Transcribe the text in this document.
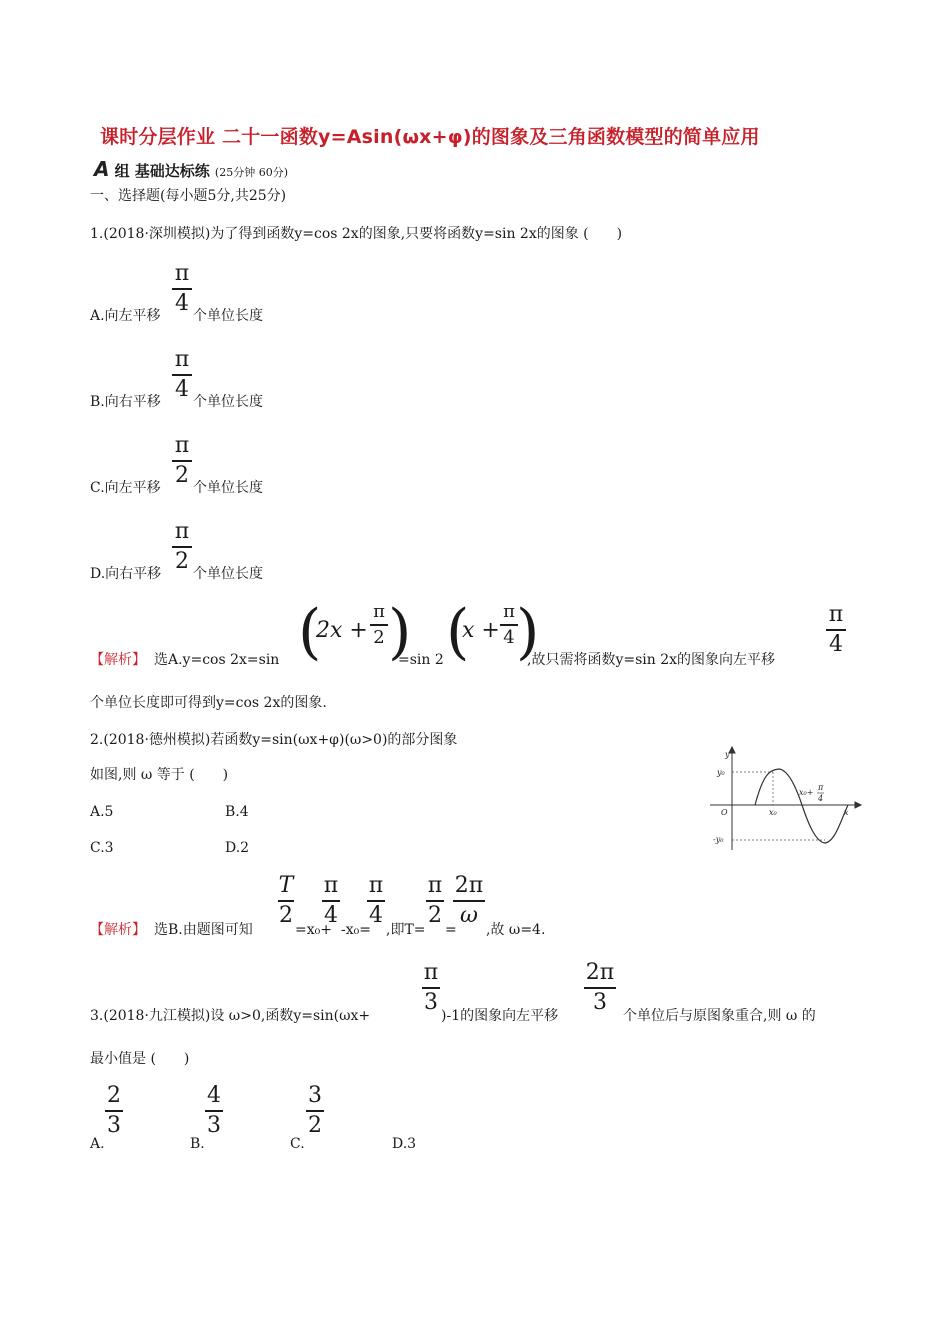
课时分层作业 二十一函数y=Asin(ωx+φ)的图象及三角函数模型的简单应用
A 组 基础达标练 (25分钟 60分)
一、选择题(每小题5分,共25分)
1.(2018·深圳模拟)为了得到函数y=cos 2x的图象,只要将函数y=sin 2x的图象 (　　)
A.向左平移
π
4
个单位长度
B.向右平移
π
4
个单位长度
C.向左平移
π
2
个单位长度
D.向右平移
π
2
个单位长度
【解析】 选A.y=cos 2x=sin (
2x +
π
2 )
=sin 2 (
x +
π
4 )
,故只需将函数y=sin 2x的图象向左平移
π
4
个单位长度即可得到y=cos 2x的图象.
2.(2018·德州模拟)若函数y=sin(ωx+φ)(ω>0)的部分图象
如图,则 ω 等于 (　　)
A.5	B.4
C.3	D.2
y
x
O
y₀
-y₀
x₀
x₀+
π
4
【解析】 选B.由题图可知
T
2
=x₀+
π
4
-x₀=
π
4
,即T=
π
2
=
2π
ω
,故 ω=4.
3.(2018·九江模拟)设 ω>0,函数y=sin(ωx+
π
3
)-1的图象向左平移
2π
3
个单位后与原图象重合,则 ω 的
最小值是 (　　)
A.
2
3
B.
4
3
C.
3
2
D.3
